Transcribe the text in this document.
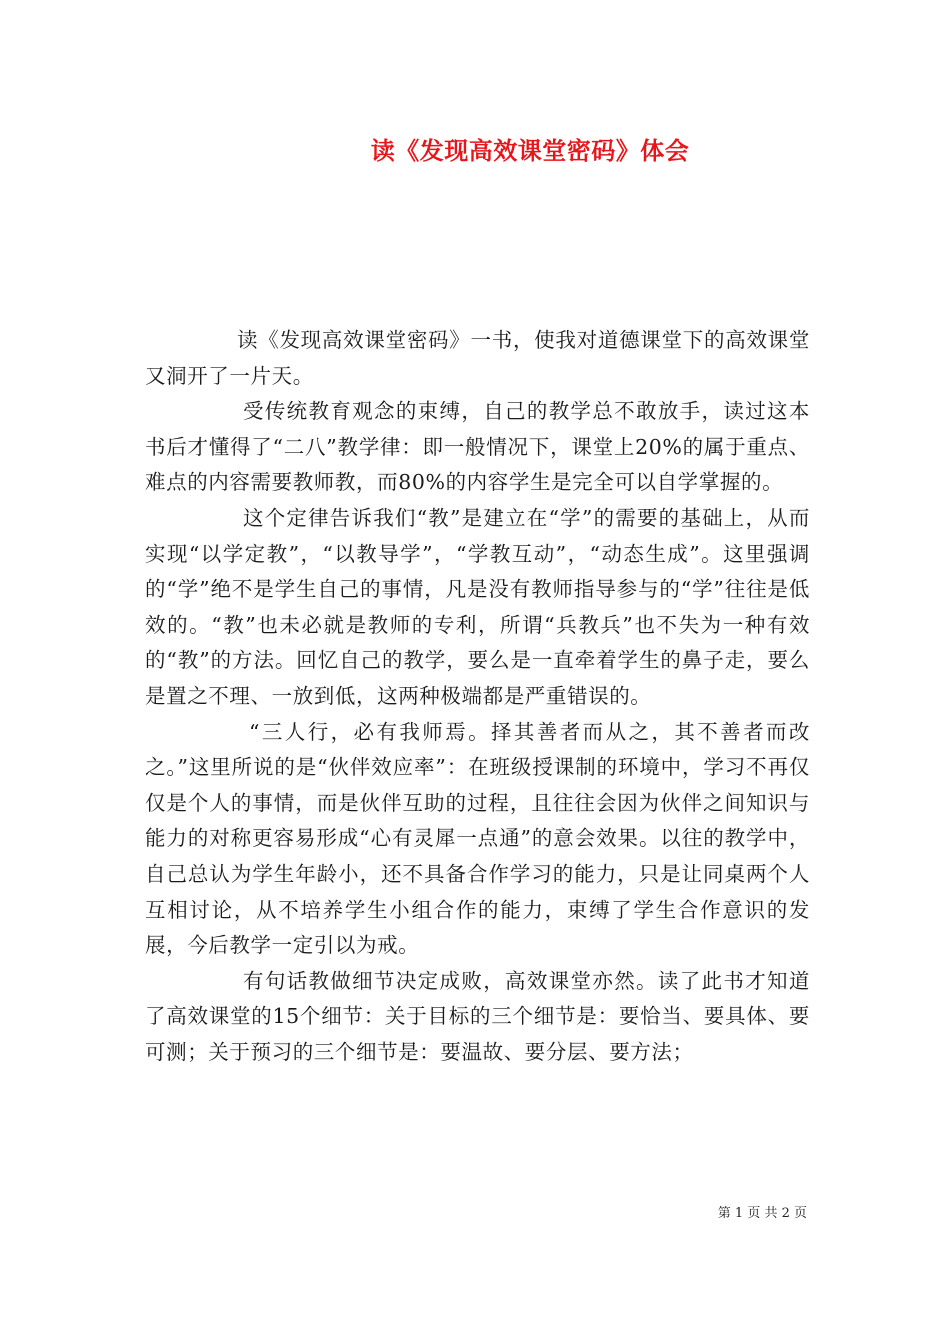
读《发现高效课堂密码》体会

读《发现高效课堂密码》一书，使我对道德课堂下的高效课堂又洞开了一片天。

受传统教育观念的束缚，自己的教学总不敢放手，读过这本书后才懂得了“二八”教学律：即一般情况下，课堂上20%的属于重点、难点的内容需要教师教，而80%的内容学生是完全可以自学掌握的。

这个定律告诉我们“教”是建立在“学”的需要的基础上，从而实现“以学定教”，“以教导学”，“学教互动”，“动态生成”。这里强调的“学”绝不是学生自己的事情，凡是没有教师指导参与的“学”往往是低效的。“教”也未必就是教师的专利，所谓“兵教兵”也不失为一种有效的“教”的方法。回忆自己的教学，要么是一直牵着学生的鼻子走，要么是置之不理、一放到低，这两种极端都是严重错误的。

“三人行，必有我师焉。择其善者而从之，其不善者而改之。”这里所说的是“伙伴效应率”：在班级授课制的环境中，学习不再仅仅是个人的事情，而是伙伴互助的过程，且往往会因为伙伴之间知识与能力的对称更容易形成“心有灵犀一点通”的意会效果。以往的教学中，自己总认为学生年龄小，还不具备合作学习的能力，只是让同桌两个人互相讨论，从不培养学生小组合作的能力，束缚了学生合作意识的发展，今后教学一定引以为戒。

有句话教做细节决定成败，高效课堂亦然。读了此书才知道了高效课堂的15个细节：关于目标的三个细节是：要恰当、要具体、要可测；关于预习的三个细节是：要温故、要分层、要方法；

第 1 页 共 2 页
